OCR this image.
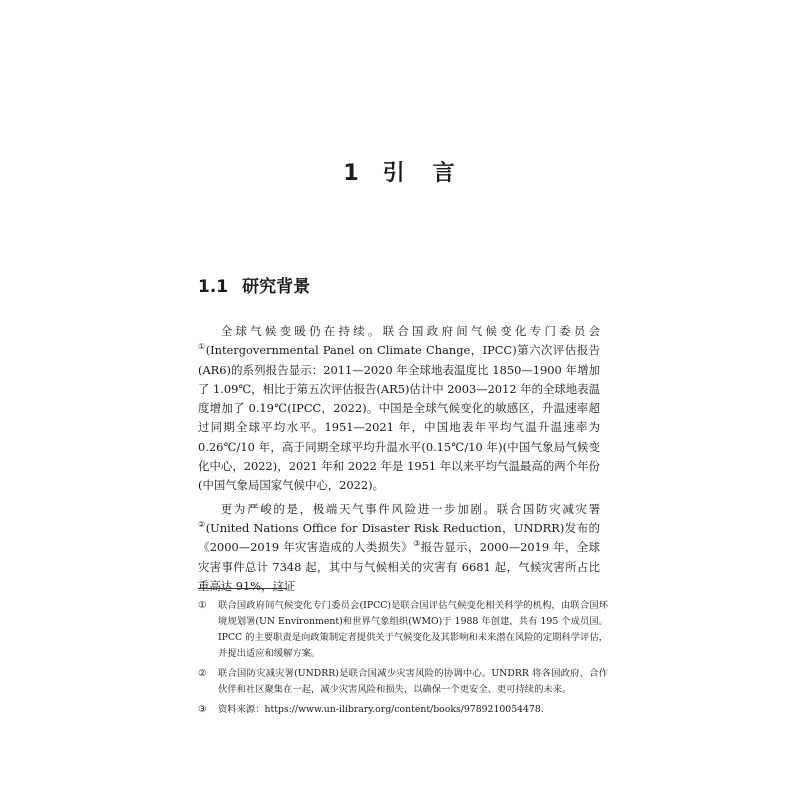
1 引 言
1.1 研究背景

全球气候变暖仍在持续。联合国政府间气候变化专门委员会①(Intergovernmental Panel on Climate Change，IPCC)第六次评估报告(AR6)的系列报告显示：2011—2020 年全球地表温度比 1850—1900 年增加了 1.09℃，相比于第五次评估报告(AR5)估计中 2003—2012 年的全球地表温度增加了 0.19℃(IPCC，2022)。中国是全球气候变化的敏感区，升温速率超过同期全球平均水平。1951—2021 年，中国地表年平均气温升温速率为 0.26℃/10 年，高于同期全球平均升温水平(0.15℃/10 年)(中国气象局气候变化中心，2022)，2021 年和 2022 年是 1951 年以来平均气温最高的两个年份(中国气象局国家气候中心，2022)。

更为严峻的是，极端天气事件风险进一步加剧。联合国防灾减灾署②(United Nations Office for Disaster Risk Reduction，UNDRR)发布的《2000—2019 年灾害造成的人类损失》③报告显示，2000—2019 年，全球灾害事件总计 7348 起，其中与气候相关的灾害有 6681 起，气候灾害所占比重高达 91%，这证

①	联合国政府间气候变化专门委员会(IPCC)是联合国评估气候变化相关科学的机构，由联合国环境规划署(UN Environment)和世界气象组织(WMO)于 1988 年创建，共有 195 个成员国。IPCC 的主要职责是向政策制定者提供关于气候变化及其影响和未来潜在风险的定期科学评估，并提出适应和缓解方案。
②	联合国防灾减灾署(UNDRR)是联合国减少灾害风险的协调中心。UNDRR 将各国政府、合作伙伴和社区聚集在一起，减少灾害风险和损失，以确保一个更安全、更可持续的未来。
③	资料来源：https://www.un-ilibrary.org/content/books/9789210054478.
